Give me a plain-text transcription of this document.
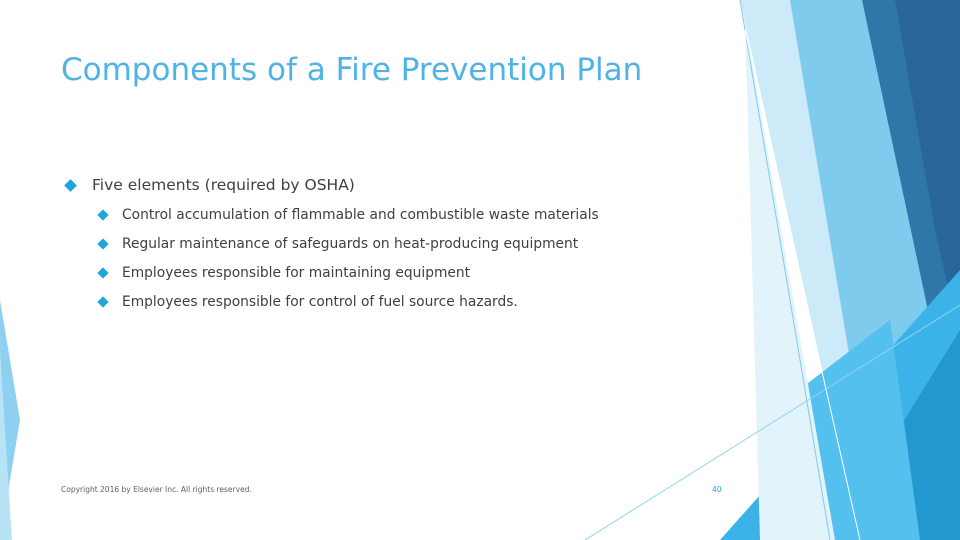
Components of a Fire Prevention Plan
Five elements (required by OSHA)
Control accumulation of flammable and combustible waste materials
Regular maintenance of safeguards on heat-producing equipment
Employees responsible for maintaining equipment
Employees responsible for control of fuel source hazards.
Copyright 2016 by Elsevier Inc. All rights reserved.	40
